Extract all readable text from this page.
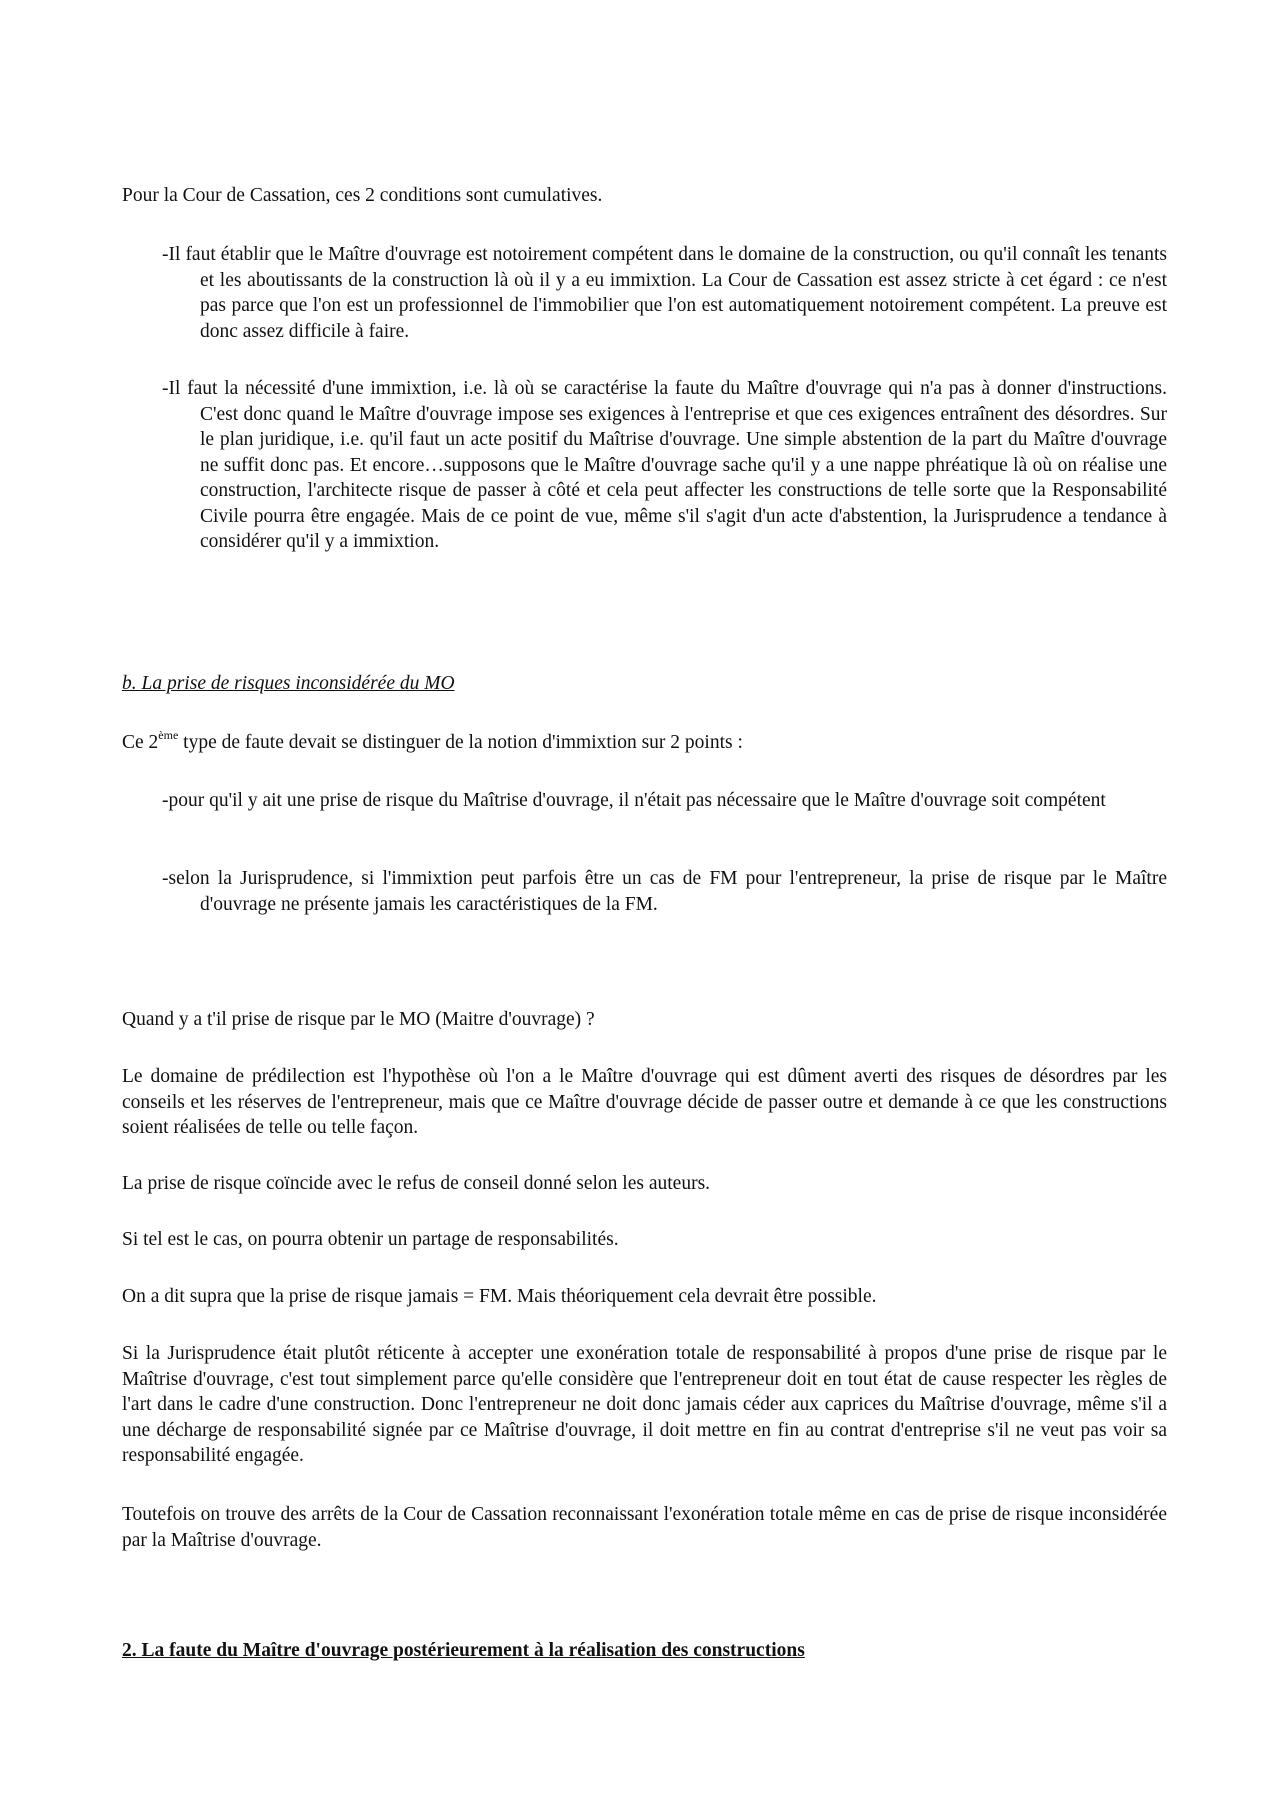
Pour la Cour de Cassation, ces 2 conditions sont cumulatives.

-Il faut établir que le Maître d'ouvrage est notoirement compétent dans le domaine de la construction, ou qu'il connaît les tenants et les aboutissants de la construction là où il y a eu immixtion. La Cour de Cassation est assez stricte à cet égard : ce n'est pas parce que l'on est un professionnel de l'immobilier que l'on est automatiquement notoirement compétent. La preuve est donc assez difficile à faire.

-Il faut la nécessité d'une immixtion, i.e. là où se caractérise la faute du Maître d'ouvrage qui n'a pas à donner d'instructions. C'est donc quand le Maître d'ouvrage impose ses exigences à l'entreprise et que ces exigences entraînent des désordres. Sur le plan juridique, i.e. qu'il faut un acte positif du Maîtrise d'ouvrage. Une simple abstention de la part du Maître d'ouvrage ne suffit donc pas. Et encore…supposons que le Maître d'ouvrage sache qu'il y a une nappe phréatique là où on réalise une construction, l'architecte risque de passer à côté et cela peut affecter les constructions de telle sorte que la Responsabilité Civile pourra être engagée. Mais de ce point de vue, même s'il s'agit d'un acte d'abstention, la Jurisprudence a tendance à considérer qu'il y a immixtion.

b. La prise de risques inconsidérée du MO

Ce 2ème type de faute devait se distinguer de la notion d'immixtion sur 2 points :

-pour qu'il y ait une prise de risque du Maîtrise d'ouvrage, il n'était pas nécessaire que le Maître d'ouvrage soit compétent

-selon la Jurisprudence, si l'immixtion peut parfois être un cas de FM pour l'entrepreneur, la prise de risque par le Maître d'ouvrage ne présente jamais les caractéristiques de la FM.

Quand y a t'il prise de risque par le MO (Maitre d'ouvrage) ?

Le domaine de prédilection est l'hypothèse où l'on a le Maître d'ouvrage qui est dûment averti des risques de désordres par les conseils et les réserves de l'entrepreneur, mais que ce Maître d'ouvrage décide de passer outre et demande à ce que les constructions soient réalisées de telle ou telle façon.

La prise de risque coïncide avec le refus de conseil donné selon les auteurs.

Si tel est le cas, on pourra obtenir un partage de responsabilités.

On a dit supra que la prise de risque jamais = FM. Mais théoriquement cela devrait être possible.

Si la Jurisprudence était plutôt réticente à accepter une exonération totale de responsabilité à propos d'une prise de risque par le Maîtrise d'ouvrage, c'est tout simplement parce qu'elle considère que l'entrepreneur doit en tout état de cause respecter les règles de l'art dans le cadre d'une construction. Donc l'entrepreneur ne doit donc jamais céder aux caprices du Maîtrise d'ouvrage, même s'il a une décharge de responsabilité signée par ce Maîtrise d'ouvrage, il doit mettre en fin au contrat d'entreprise s'il ne veut pas voir sa responsabilité engagée.

Toutefois on trouve des arrêts de la Cour de Cassation reconnaissant l'exonération totale même en cas de prise de risque inconsidérée par la Maîtrise d'ouvrage.

2. La faute du Maître d'ouvrage postérieurement à la réalisation des constructions
